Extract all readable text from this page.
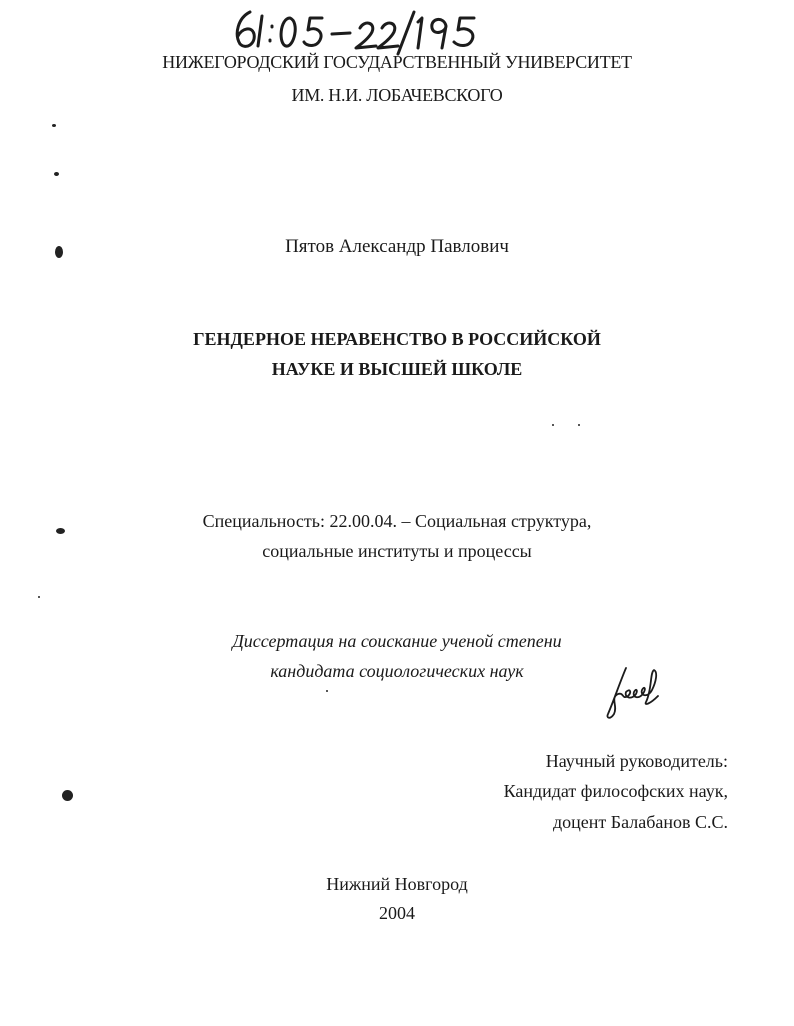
НИЖЕГОРОДСКИЙ ГОСУДАРСТВЕННЫЙ УНИВЕРСИТЕТ
ИМ. Н.И. ЛОБАЧЕВСКОГО
Пятов Александр Павлович
ГЕНДЕРНОЕ НЕРАВЕНСТВО В РОССИЙСКОЙ
НАУКЕ И ВЫСШЕЙ ШКОЛЕ
Специальность: 22.00.04. – Социальная структура,
социальные институты и процессы
Диссертация на соискание ученой степени
кандидата социологических наук
Научный руководитель:
Кандидат философских наук,
доцент Балабанов С.С.
Нижний Новгород
2004
